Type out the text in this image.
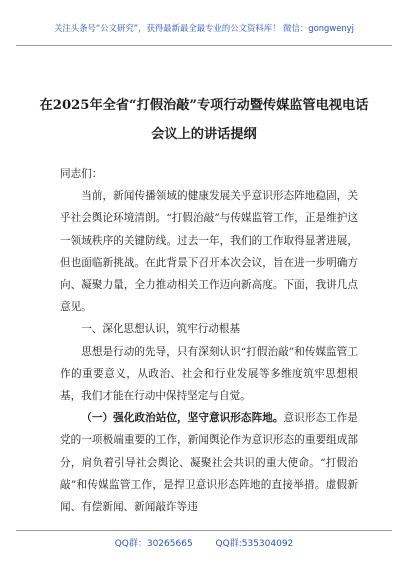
关注头条号“公文研究”，获得最新最全最专业的公文资料库！ 微信：gongwenyj
在2025年全省“打假治敲”专项行动暨传媒监管电视电话
会议上的讲话提纲

同志们：

当前，新闻传播领域的健康发展关乎意识形态阵地稳固，关乎社会舆论环境清朗。“打假治敲”与传媒监管工作，正是维护这一领域秩序的关键防线。过去一年，我们的工作取得显著进展，但也面临新挑战。在此背景下召开本次会议，旨在进一步明确方向、凝聚力量，全力推动相关工作迈向新高度。下面，我讲几点意见。

一、深化思想认识，筑牢行动根基

思想是行动的先导，只有深刻认识“打假治敲”和传媒监管工作的重要意义，从政治、社会和行业发展等多维度筑牢思想根基，我们才能在行动中保持坚定与自觉。

（一）强化政治站位，坚守意识形态阵地。意识形态工作是党的一项极端重要的工作，新闻舆论作为意识形态的重要组成部分，肩负着引导社会舆论、凝聚社会共识的重大使命。“打假治敲”和传媒监管工作，是捍卫意识形态阵地的直接举措。虚假新闻、有偿新闻、新闻敲诈等违

QQ群：30265665	QQ群:535304092
